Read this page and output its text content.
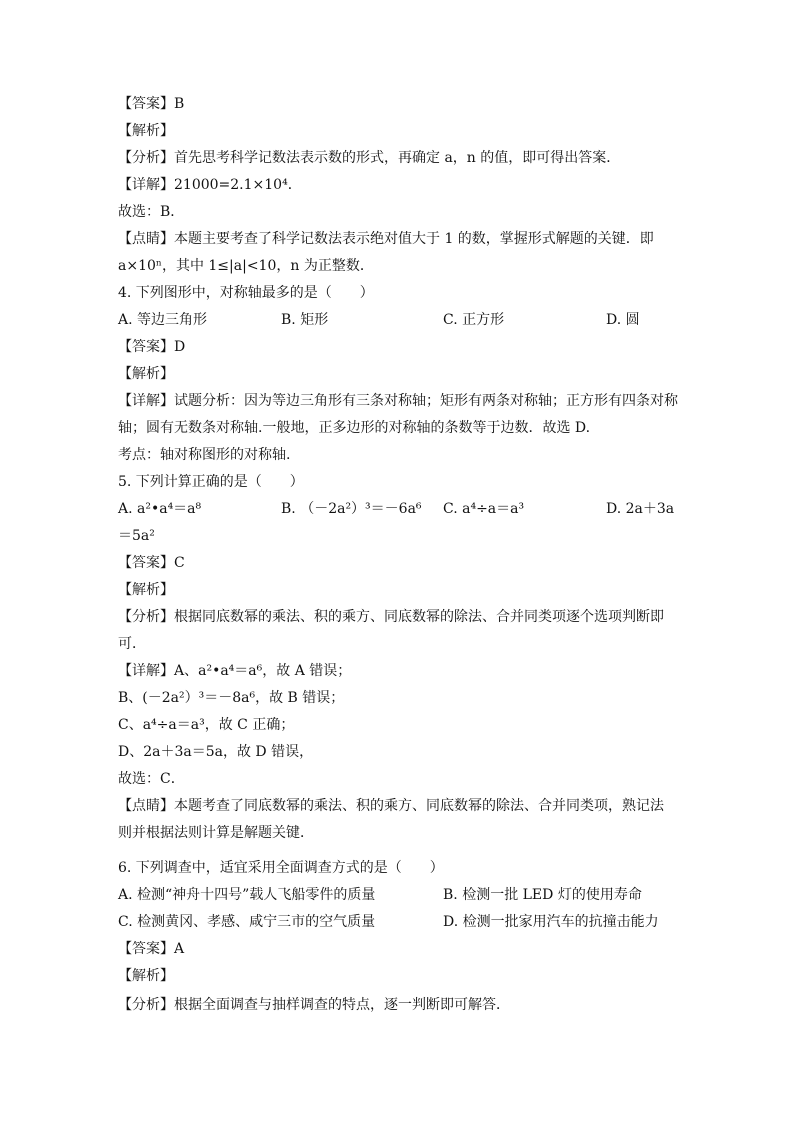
【答案】B
【解析】
【分析】首先思考科学记数法表示数的形式，再确定 a，n 的值，即可得出答案．
【详解】21000=2.1×10⁴．
故选：B．
【点睛】本题主要考查了科学记数法表示绝对值大于 1 的数，掌握形式解题的关键．即
a×10ⁿ，其中 1≤|a|<10，n 为正整数．
4. 下列图形中，对称轴最多的是（　　）
A. 等边三角形	B. 矩形	C. 正方形	D. 圆
【答案】D
【解析】
【详解】试题分析：因为等边三角形有三条对称轴；矩形有两条对称轴；正方形有四条对称
轴；圆有无数条对称轴.一般地，正多边形的对称轴的条数等于边数．故选 D.
考点：轴对称图形的对称轴.
5. 下列计算正确的是（　　）
A. a²•a⁴＝a⁸	B. （－2a²）³＝－6a⁶ C. a⁴÷a＝a³	D. 2a＋3a
＝5a²
【答案】C
【解析】
【分析】根据同底数幂的乘法、积的乘方、同底数幂的除法、合并同类项逐个选项判断即
可．
【详解】A、a²•a⁴＝a⁶，故 A 错误；
B、(－2a²）³＝－8a⁶，故 B 错误；
C、a⁴÷a＝a³，故 C 正确；
D、2a＋3a＝5a，故 D 错误，
故选：C．
【点睛】本题考查了同底数幂的乘法、积的乘方、同底数幂的除法、合并同类项，熟记法
则并根据法则计算是解题关键．
6. 下列调查中，适宜采用全面调查方式的是（　　）
A. 检测“神舟十四号”载人飞船零件的质量	B. 检测一批 LED 灯的使用寿命
C. 检测黄冈、孝感、咸宁三市的空气质量	D. 检测一批家用汽车的抗撞击能力
【答案】A
【解析】
【分析】根据全面调查与抽样调查的特点，逐一判断即可解答．
